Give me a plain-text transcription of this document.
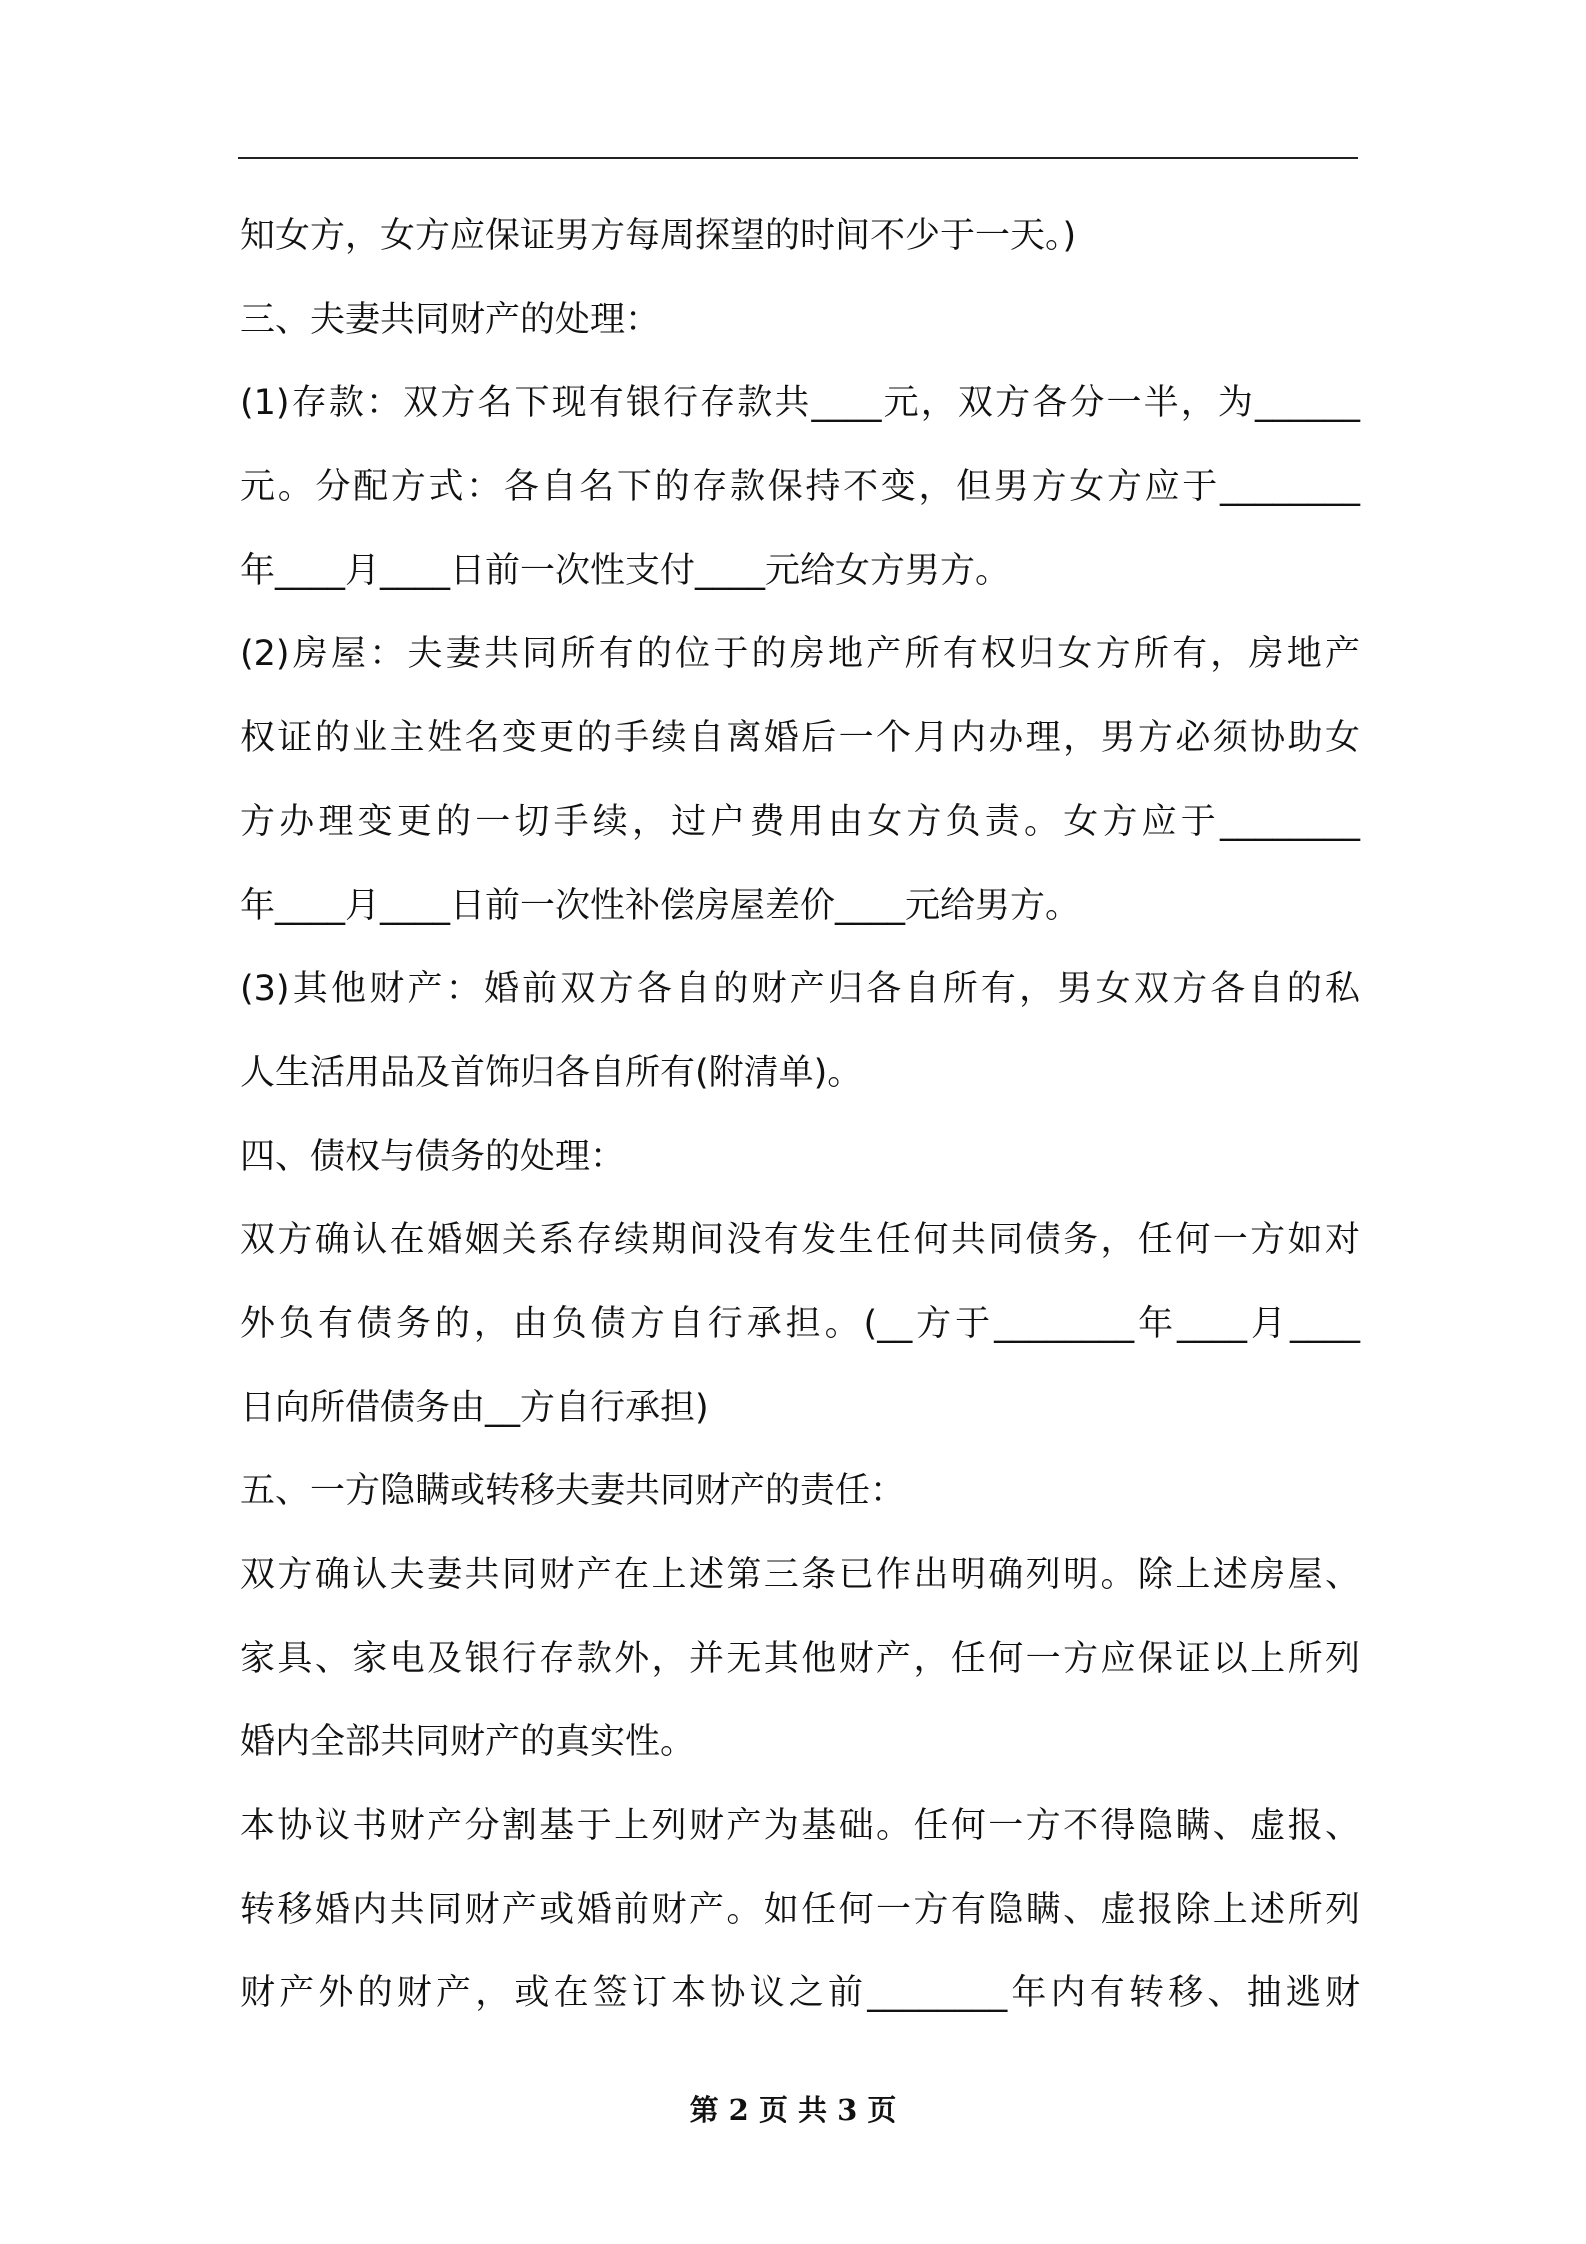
知女方，女方应保证男方每周探望的时间不少于一天。)
三、夫妻共同财产的处理：
(1)存款：双方名下现有银行存款共____元，双方各分一半，为______
元。分配方式：各自名下的存款保持不变，但男方女方应于________
年____月____日前一次性支付____元给女方男方。
(2)房屋：夫妻共同所有的位于的房地产所有权归女方所有，房地产
权证的业主姓名变更的手续自离婚后一个月内办理，男方必须协助女
方办理变更的一切手续，过户费用由女方负责。女方应于________
年____月____日前一次性补偿房屋差价____元给男方。
(3)其他财产：婚前双方各自的财产归各自所有，男女双方各自的私
人生活用品及首饰归各自所有(附清单)。
四、债权与债务的处理：
双方确认在婚姻关系存续期间没有发生任何共同债务，任何一方如对
外负有债务的，由负债方自行承担。(__方于________年____月____
日向所借债务由__方自行承担)
五、一方隐瞒或转移夫妻共同财产的责任：
双方确认夫妻共同财产在上述第三条已作出明确列明。除上述房屋、
家具、家电及银行存款外，并无其他财产，任何一方应保证以上所列
婚内全部共同财产的真实性。
本协议书财产分割基于上列财产为基础。任何一方不得隐瞒、虚报、
转移婚内共同财产或婚前财产。如任何一方有隐瞒、虚报除上述所列
财产外的财产，或在签订本协议之前________年内有转移、抽逃财
第 2 页 共 3 页
